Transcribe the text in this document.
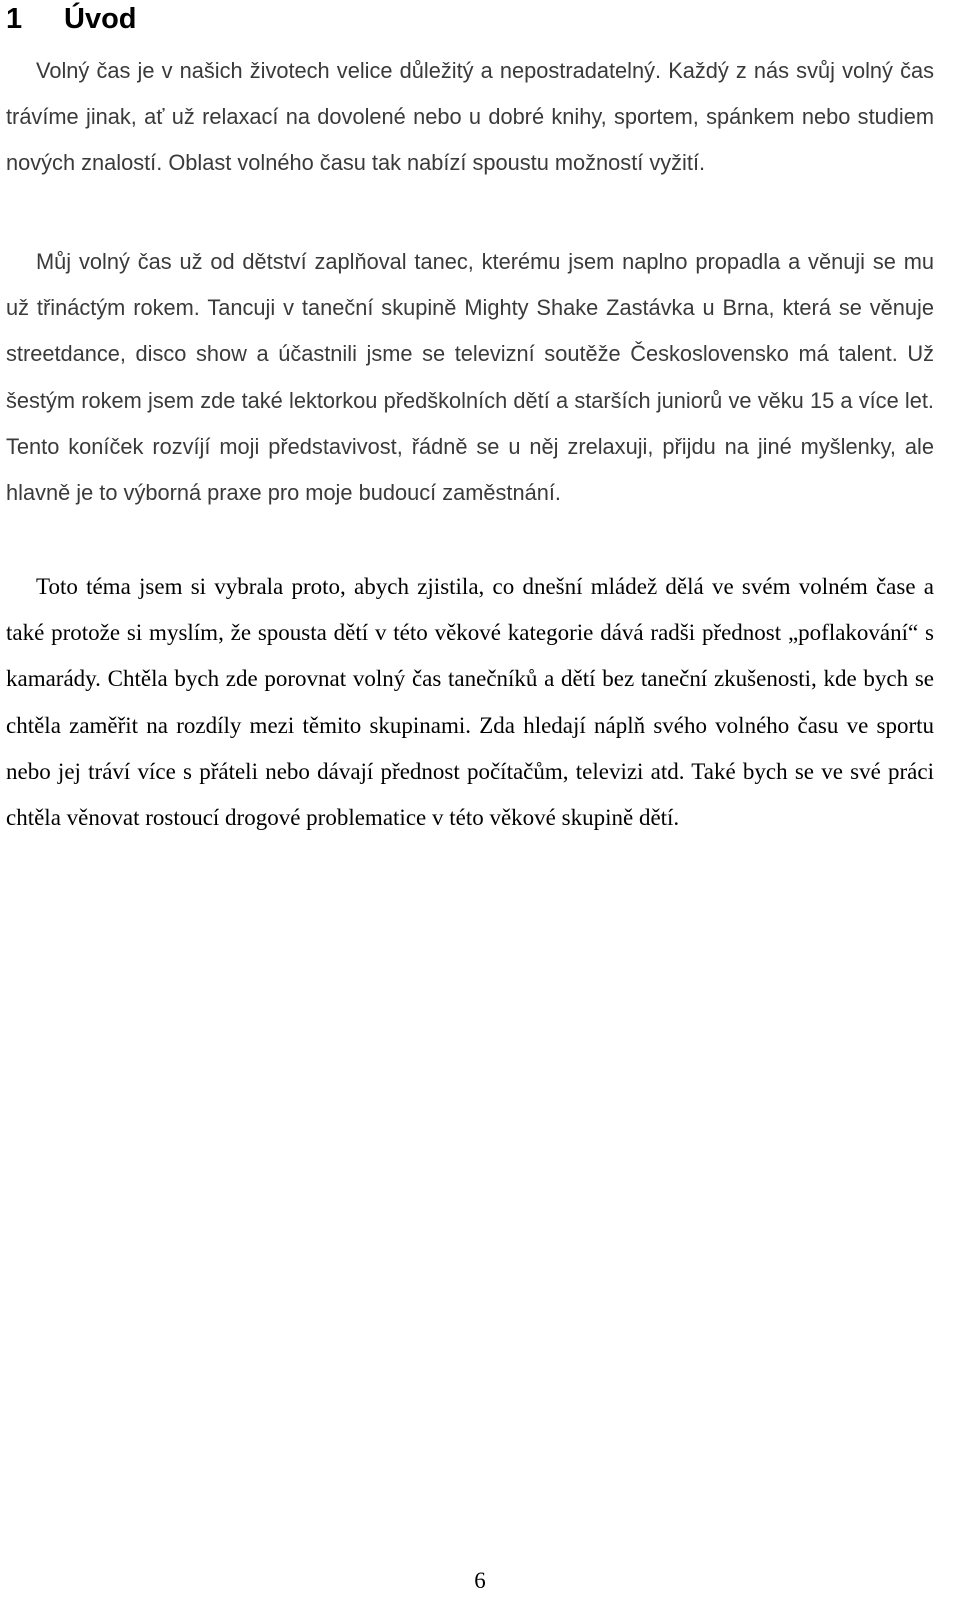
1 Úvod

Volný čas je v našich životech velice důležitý a nepostradatelný. Každý z nás svůj volný čas trávíme jinak, ať už relaxací na dovolené nebo u dobré knihy, sportem, spánkem nebo studiem nových znalostí. Oblast volného času tak nabízí spoustu možností vyžití.

Můj volný čas už od dětství zaplňoval tanec, kterému jsem naplno propadla a věnuji se mu už třináctým rokem. Tancuji v taneční skupině Mighty Shake Zastávka u Brna, která se věnuje streetdance, disco show a účastnili jsme se televizní soutěže Československo má talent. Už šestým rokem jsem zde také lektorkou předškolních dětí a starších juniorů ve věku 15 a více let. Tento koníček rozvíjí moji představivost, řádně se u něj zrelaxuji, přijdu na jiné myšlenky, ale hlavně je to výborná praxe pro moje budoucí zaměstnání.

Toto téma jsem si vybrala proto, abych zjistila, co dnešní mládež dělá ve svém volném čase a také protože si myslím, že spousta dětí v této věkové kategorie dává radši přednost „poflakování“ s kamarády. Chtěla bych zde porovnat volný čas tanečníků a dětí bez taneční zkušenosti, kde bych se chtěla zaměřit na rozdíly mezi těmito skupinami. Zda hledají náplň svého volného času ve sportu nebo jej tráví více s přáteli nebo dávají přednost počítačům, televizi atd. Také bych se ve své práci chtěla věnovat rostoucí drogové problematice v této věkové skupině dětí.

6
